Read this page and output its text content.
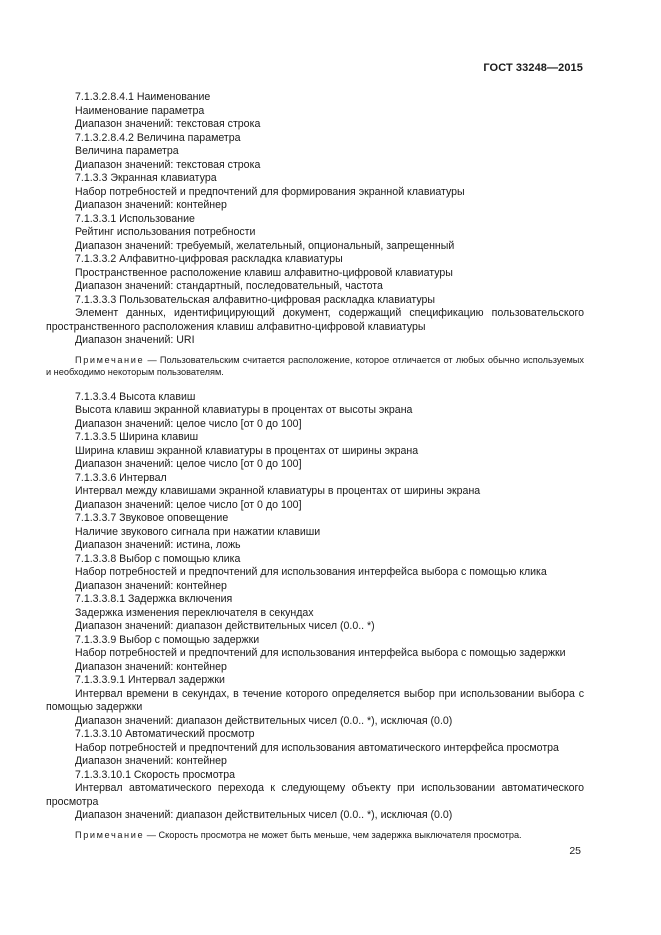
ГОСТ 33248—2015

7.1.3.2.8.4.1 Наименование

Наименование параметра

Диапазон значений: текстовая строка

7.1.3.2.8.4.2 Величина параметра

Величина параметра

Диапазон значений: текстовая строка

7.1.3.3 Экранная клавиатура

Набор потребностей и предпочтений для формирования экранной клавиатуры

Диапазон значений: контейнер

7.1.3.3.1 Использование

Рейтинг использования потребности

Диапазон значений: требуемый, желательный, опциональный, запрещенный

7.1.3.3.2 Алфавитно-цифровая раскладка клавиатуры

Пространственное расположение клавиш алфавитно-цифровой клавиатуры

Диапазон значений: стандартный, последовательный, частота

7.1.3.3.3 Пользовательская алфавитно-цифровая раскладка клавиатуры

Элемент данных, идентифицирующий документ, содержащий спецификацию пользовательского пространственного расположения клавиш алфавитно-цифровой клавиатуры

Диапазон значений: URI

Примечание — Пользовательским считается расположение, которое отличается от любых обычно используемых и необходимо некоторым пользователям.

7.1.3.3.4 Высота клавиш

Высота клавиш экранной клавиатуры в процентах от высоты экрана

Диапазон значений: целое число [от 0 до 100]

7.1.3.3.5 Ширина клавиш

Ширина клавиш экранной клавиатуры в процентах от ширины экрана

Диапазон значений: целое число [от 0 до 100]

7.1.3.3.6 Интервал

Интервал между клавишами экранной клавиатуры в процентах от ширины экрана

Диапазон значений: целое число [от 0 до 100]

7.1.3.3.7 Звуковое оповещение

Наличие звукового сигнала при нажатии клавиши

Диапазон значений: истина, ложь

7.1.3.3.8 Выбор с помощью клика

Набор потребностей и предпочтений для использования интерфейса выбора с помощью клика

Диапазон значений: контейнер

7.1.3.3.8.1 Задержка включения

Задержка изменения переключателя в секундах

Диапазон значений: диапазон действительных чисел (0.0.. *)

7.1.3.3.9 Выбор с помощью задержки

Набор потребностей и предпочтений для использования интерфейса выбора с помощью задержки

Диапазон значений: контейнер

7.1.3.3.9.1 Интервал задержки

Интервал времени в секундах, в течение которого определяется выбор при использовании выбора с помощью задержки

Диапазон значений: диапазон действительных чисел (0.0.. *), исключая (0.0)

7.1.3.3.10 Автоматический просмотр

Набор потребностей и предпочтений для использования автоматического интерфейса просмотра

Диапазон значений: контейнер

7.1.3.3.10.1 Скорость просмотра

Интервал автоматического перехода к следующему объекту при использовании автоматического просмотра

Диапазон значений: диапазон действительных чисел (0.0.. *), исключая (0.0)

Примечание — Скорость просмотра не может быть меньше, чем задержка выключателя просмотра.

25
